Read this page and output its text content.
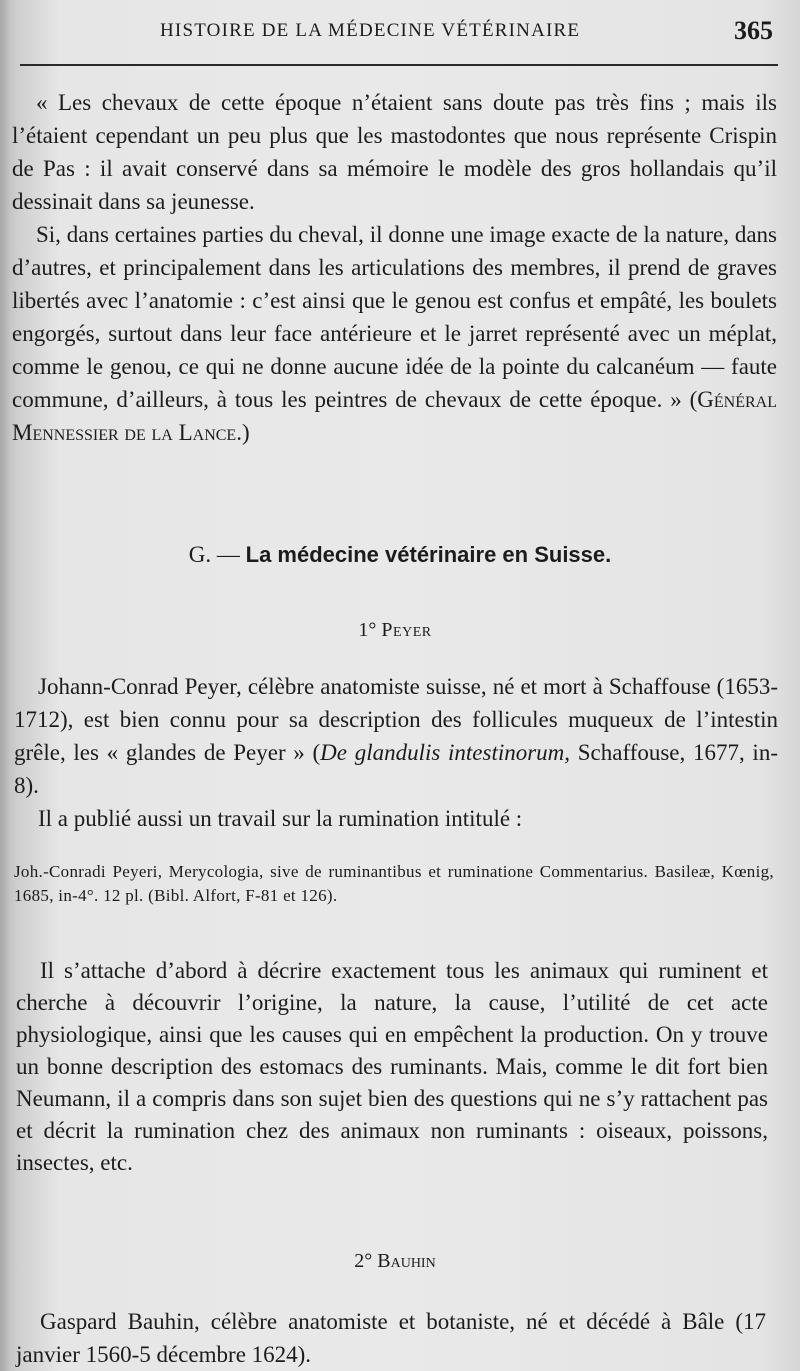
HISTOIRE DE LA MÉDECINE VÉTÉRINAIRE	365

« Les chevaux de cette époque n’étaient sans doute pas très fins ; mais ils l’étaient cependant un peu plus que les mastodontes que nous représente Crispin de Pas : il avait conservé dans sa mémoire le modèle des gros hollandais qu’il dessinait dans sa jeunesse.

Si, dans certaines parties du cheval, il donne une image exacte de la nature, dans d’autres, et principalement dans les articulations des membres, il prend de graves libertés avec l’anatomie : c’est ainsi que le genou est confus et empâté, les boulets engorgés, surtout dans leur face antérieure et le jarret représenté avec un méplat, comme le genou, ce qui ne donne aucune idée de la pointe du calcanéum — faute commune, d’ailleurs, à tous les peintres de chevaux de cette époque. » (Général Mennessier de la Lance.)

G. — La médecine vétérinaire en Suisse.
1° Peyer

Johann-Conrad Peyer, célèbre anatomiste suisse, né et mort à Schaffouse (1653-1712), est bien connu pour sa description des follicules muqueux de l’intestin grêle, les « glandes de Peyer » (De glandulis intestinorum, Schaffouse, 1677, in-8).

Il a publié aussi un travail sur la rumination intitulé :

Joh.-Conradi Peyeri, Merycologia, sive de ruminantibus et ruminatione Commentarius. Basileæ, Kœnig, 1685, in-4°. 12 pl. (Bibl. Alfort, F-81 et 126).

Il s’attache d’abord à décrire exactement tous les animaux qui ruminent et cherche à découvrir l’origine, la nature, la cause, l’utilité de cet acte physiologique, ainsi que les causes qui en empêchent la production. On y trouve un bonne description des estomacs des ruminants. Mais, comme le dit fort bien Neumann, il a compris dans son sujet bien des questions qui ne s’y rattachent pas et décrit la rumination chez des animaux non ruminants : oiseaux, poissons, insectes, etc.

2° Bauhin

Gaspard Bauhin, célèbre anatomiste et botaniste, né et décédé à Bâle (17 janvier 1560-5 décembre 1624).
